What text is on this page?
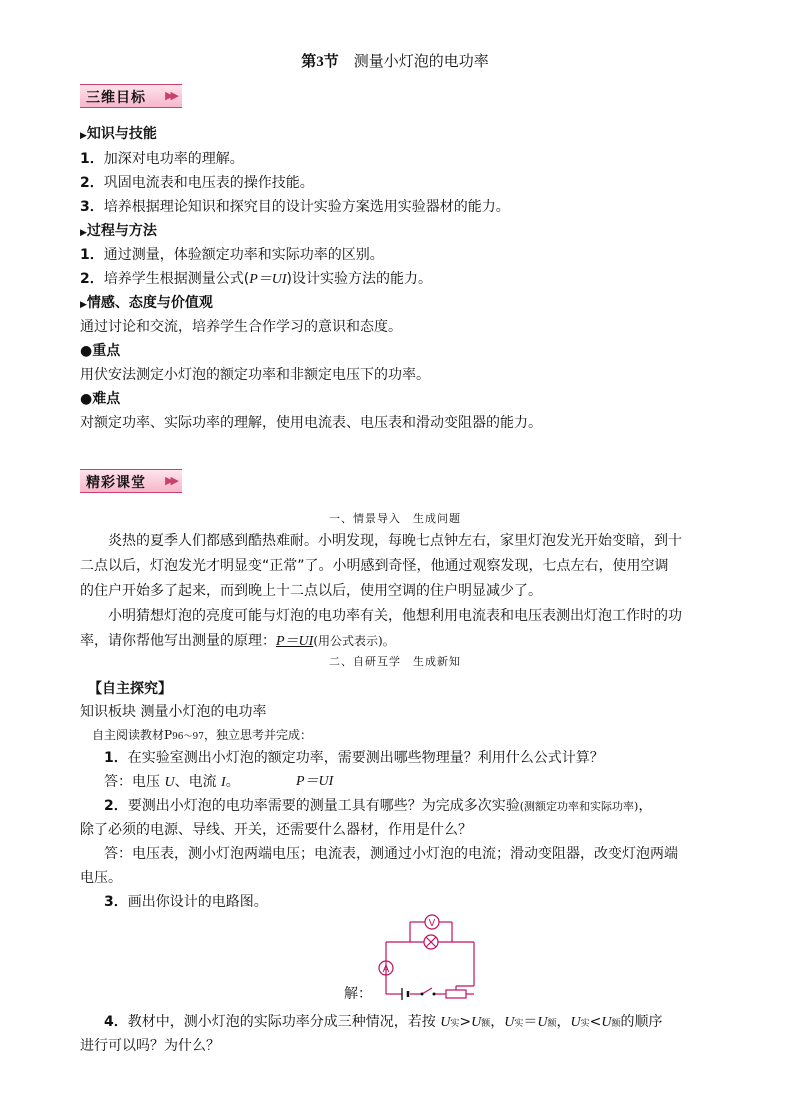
第3节　 测量小灯泡的电功率
三维目标 ▶▶
▶知识与技能
1．加深对电功率的理解。
2．巩固电流表和电压表的操作技能。
3．培养根据理论知识和探究目的设计实验方案选用实验器材的能力。
▶过程与方法
1．通过测量，体验额定功率和实际功率的区别。
2．培养学生根据测量公式(P＝UI)设计实验方法的能力。
▶情感、态度与价值观
通过讨论和交流，培养学生合作学习的意识和态度。
●重点
用伏安法测定小灯泡的额定功率和非额定电压下的功率。
●难点
对额定功率、实际功率的理解，使用电流表、电压表和滑动变阻器的能力。
精彩课堂 ▶▶
一、情景导入　生成问题
炎热的夏季人们都感到酷热难耐。小明发现，每晚七点钟左右，家里灯泡发光开始变暗，到十
二点以后，灯泡发光才明显变“正常”了。小明感到奇怪，他通过观察发现，七点左右，使用空调
的住户开始多了起来，而到晚上十二点以后，使用空调的住户明显减少了。
小明猜想灯泡的亮度可能与灯泡的电功率有关，他想利用电流表和电压表测出灯泡工作时的功
率，请你帮他写出测量的原理：P＝UI(用公式表示)。
二、自研互学　生成新知
【自主探究】
知识板块 测量小灯泡的电功率
自主阅读教材P96～97，独立思考并完成：
1．在实验室测出小灯泡的额定功率，需要测出哪些物理量？利用什么公式计算？
答：电压 U、电流 I。	P＝UI
2．要测出小灯泡的电功率需要的测量工具有哪些？为完成多次实验(测额定功率和实际功率)，
除了必须的电源、导线、开关，还需要什么器材，作用是什么？
答：电压表，测小灯泡两端电压；电流表，测通过小灯泡的电流；滑动变阻器，改变灯泡两端
电压。
3．画出你设计的电路图。
V
A
解：
4．教材中，测小灯泡的实际功率分成三种情况，若按 U实>U额，U实＝U额，U实<U额的顺序
进行可以吗？为什么？
